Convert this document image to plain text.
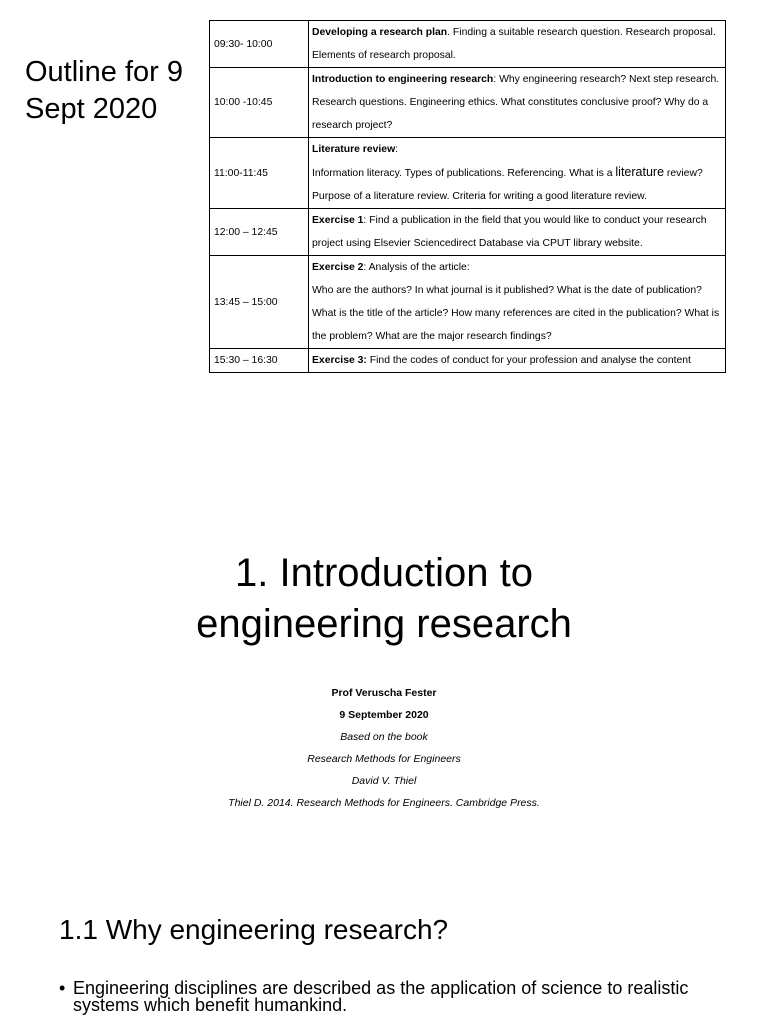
Outline for 9 Sept 2020
09:30- 10:00	Developing a research plan. Finding a suitable research question. Research proposal. Elements of research proposal.
10:00 -10:45	Introduction to engineering research: Why engineering research? Next step research. Research questions. Engineering ethics. What constitutes conclusive proof? Why do a research project?
11:00-11:45	Literature review:
Information literacy. Types of publications. Referencing. What is a literature review? Purpose of a literature review. Criteria for writing a good literature review.

12:00 – 12:45	Exercise 1: Find a publication in the field that you would like to conduct your research project using Elsevier Sciencedirect Database via CPUT library website.
13:45 – 15:00	Exercise 2: Analysis of the article:
Who are the authors? In what journal is it published? What is the date of publication? What is the title of the article? How many references are cited in the publication? What is the problem? What are the major research findings?

15:30 – 16:30	Exercise 3: Find the codes of conduct for your profession and analyse the content
1. Introduction to
engineering research
Prof Veruscha Fester
9 September 2020
Based on the book
Research Methods for Engineers
David V. Thiel
Thiel D. 2014. Research Methods for Engineers. Cambridge Press.
1.1 Why engineering research?
• Engineering disciplines are described as the application of science to realistic systems which benefit humankind.
